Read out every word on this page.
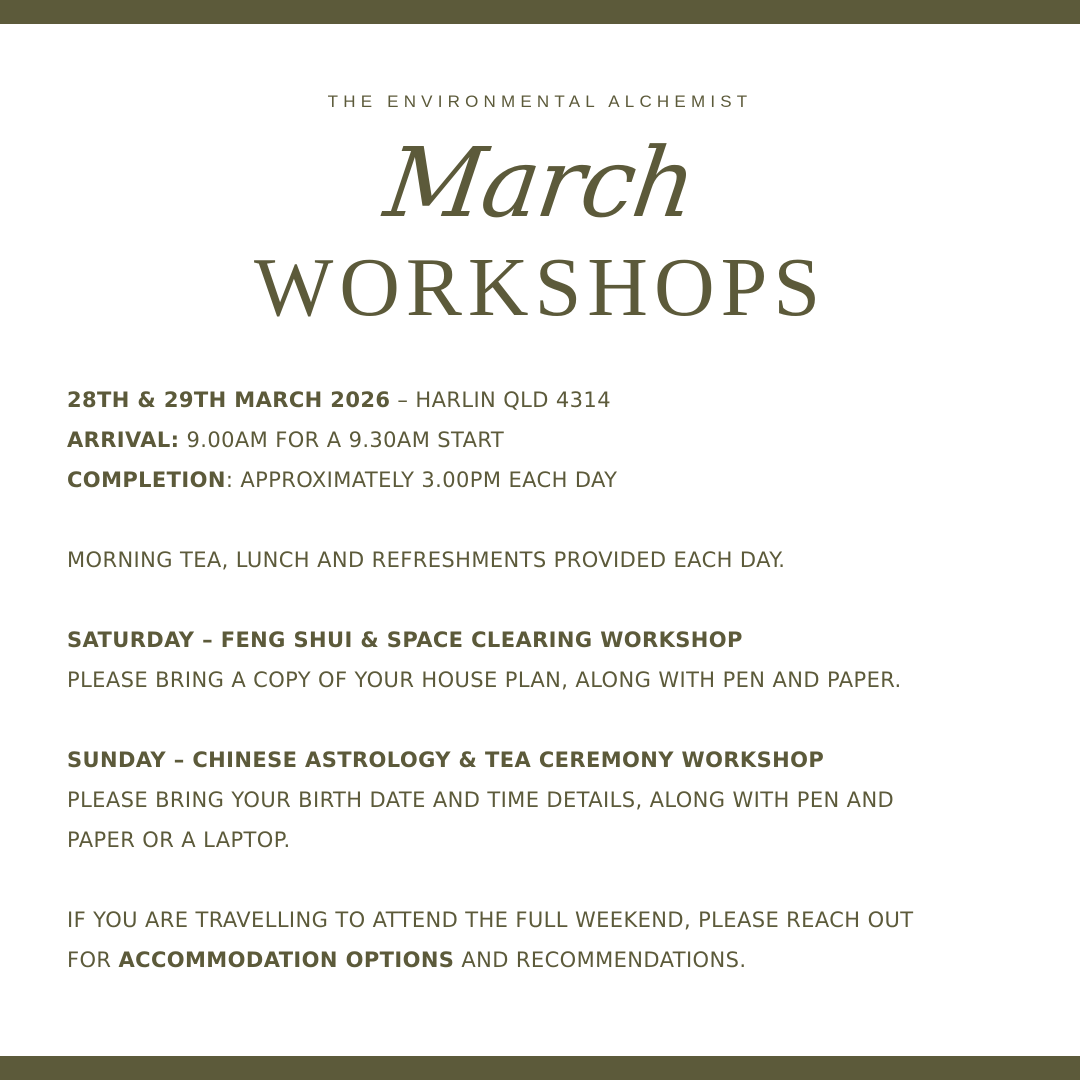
THE ENVIRONMENTAL ALCHEMIST
March
WORKSHOPS
28TH & 29TH MARCH 2026 – HARLIN QLD 4314
ARRIVAL: 9.00AM FOR A 9.30AM START
COMPLETION: APPROXIMATELY 3.00PM EACH DAY
MORNING TEA, LUNCH AND REFRESHMENTS PROVIDED EACH DAY.
SATURDAY – FENG SHUI & SPACE CLEARING WORKSHOP
PLEASE BRING A COPY OF YOUR HOUSE PLAN, ALONG WITH PEN AND PAPER.
SUNDAY – CHINESE ASTROLOGY & TEA CEREMONY WORKSHOP
PLEASE BRING YOUR BIRTH DATE AND TIME DETAILS, ALONG WITH PEN AND
PAPER OR A LAPTOP.
IF YOU ARE TRAVELLING TO ATTEND THE FULL WEEKEND, PLEASE REACH OUT
FOR ACCOMMODATION OPTIONS AND RECOMMENDATIONS.
